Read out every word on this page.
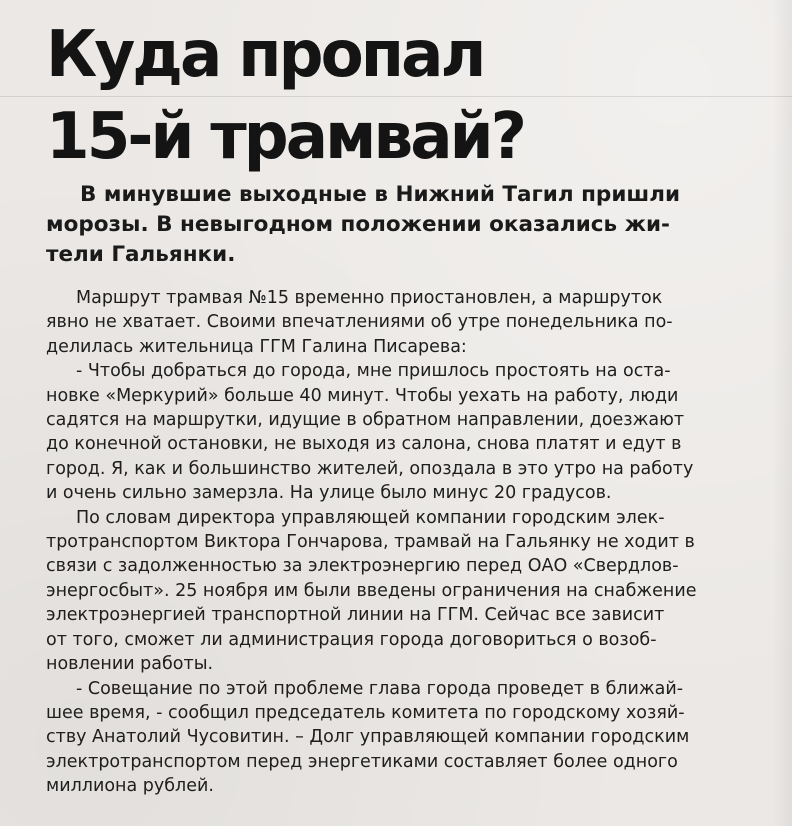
Куда пропал
15-й трамвай?

В минувшие выходные в Нижний Тагил пришли
морозы. В невыгодном положении оказались жи-
тели Гальянки.

Маршрут трамвая №15 временно приостановлен, а маршруток
явно не хватает. Своими впечатлениями об утре понедельника по-
делилась жительница ГГМ Галина Писарева:
- Чтобы добраться до города, мне пришлось простоять на оста-
новке «Меркурий» больше 40 минут. Чтобы уехать на работу, люди
садятся на маршрутки, идущие в обратном направлении, доезжают
до конечной остановки, не выходя из салона, снова платят и едут в
город. Я, как и большинство жителей, опоздала в это утро на работу
и очень сильно замерзла. На улице было минус 20 градусов.
По словам директора управляющей компании городским элек-
тротранспортом Виктора Гончарова, трамвай на Гальянку не ходит в
связи с задолженностью за электроэнергию перед ОАО «Свердлов-
энергосбыт». 25 ноября им были введены ограничения на снабжение
электроэнергией транспортной линии на ГГМ. Сейчас все зависит
от того, сможет ли администрация города договориться о возоб-
новлении работы.
- Совещание по этой проблеме глава города проведет в ближай-
шее время, - сообщил председатель комитета по городскому хозяй-
ству Анатолий Чусовитин. – Долг управляющей компании городским
электротранспортом перед энергетиками составляет более одного
миллиона рублей.
